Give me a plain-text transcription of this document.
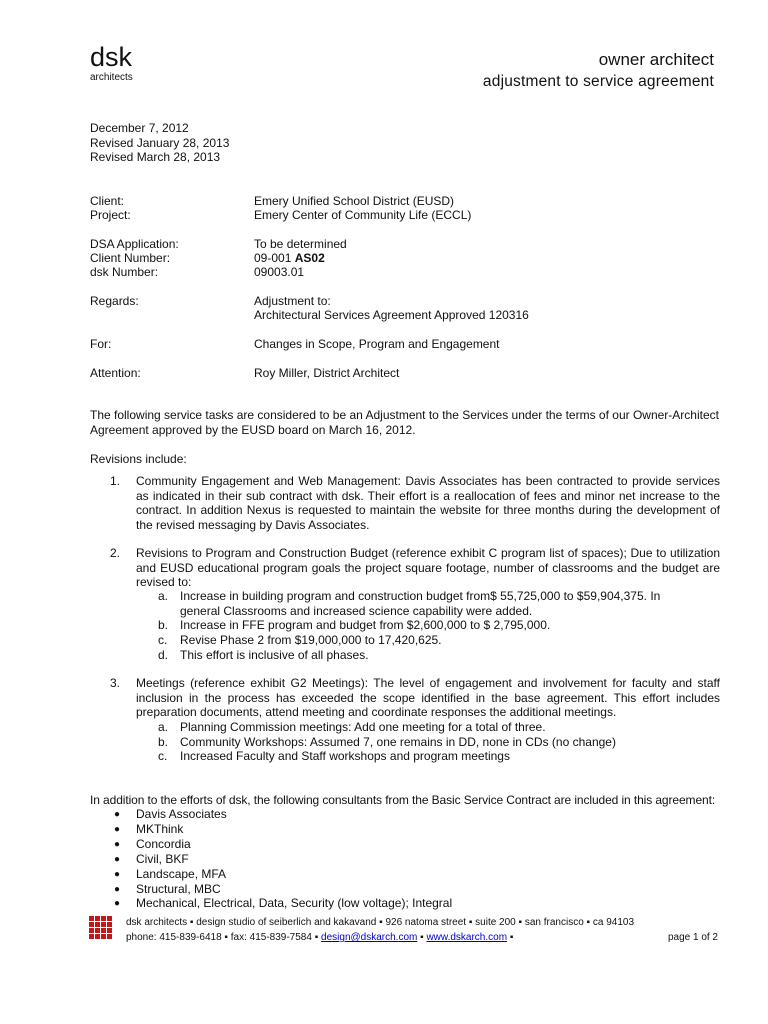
dsk
architects
owner architect
adjustment to service agreement
December 7, 2012
Revised January 28, 2013
Revised March 28, 2013
Client:	Emery Unified School District (EUSD)
Project:	Emery Center of Community Life (ECCL)
DSA Application:	To be determined
Client Number:	09-001 AS02
dsk Number:	09003.01
Regards:	Adjustment to:
Architectural Services Agreement Approved 120316
For:	Changes in Scope, Program and Engagement
Attention:	Roy Miller, District Architect
The following service tasks are considered to be an Adjustment to the Services under the terms of our Owner-Architect Agreement approved by the EUSD board on March 16, 2012.
Revisions include:
1. Community Engagement and Web Management: Davis Associates has been contracted to provide services as indicated in their sub contract with dsk. Their effort is a reallocation of fees and minor net increase to the contract. In addition Nexus is requested to maintain the website for three months during the development of the revised messaging by Davis Associates.
2. Revisions to Program and Construction Budget (reference exhibit C program list of spaces); Due to utilization and EUSD educational program goals the project square footage, number of classrooms and the budget are revised to:
a. Increase in building program and construction budget from$ 55,725,000 to $59,904,375. In
general Classrooms and increased science capability were added.
b. Increase in FFE program and budget from $2,600,000 to $ 2,795,000.
c. Revise Phase 2 from $19,000,000 to 17,420,625.
d. This effort is inclusive of all phases.
3. Meetings (reference exhibit G2 Meetings): The level of engagement and involvement for faculty and staff inclusion in the process has exceeded the scope identified in the base agreement. This effort includes preparation documents, attend meeting and coordinate responses the additional meetings.
a. Planning Commission meetings: Add one meeting for a total of three.
b. Community Workshops: Assumed 7, one remains in DD, none in CDs (no change)
c. Increased Faculty and Staff workshops and program meetings
In addition to the efforts of dsk, the following consultants from the Basic Service Contract are included in this agreement:
● Davis Associates
● MKThink
● Concordia
● Civil, BKF
● Landscape, MFA
● Structural, MBC
● Mechanical, Electrical, Data, Security (low voltage); Integral
dsk architects ▪ design studio of seiberlich and kakavand ▪ 926 natoma street ▪ suite 200 ▪ san francisco ▪ ca 94103
phone: 415-839-6418 ▪ fax: 415-839-7584 ▪ design@dskarch.com ▪ www.dskarch.com ▪	page 1 of 2
